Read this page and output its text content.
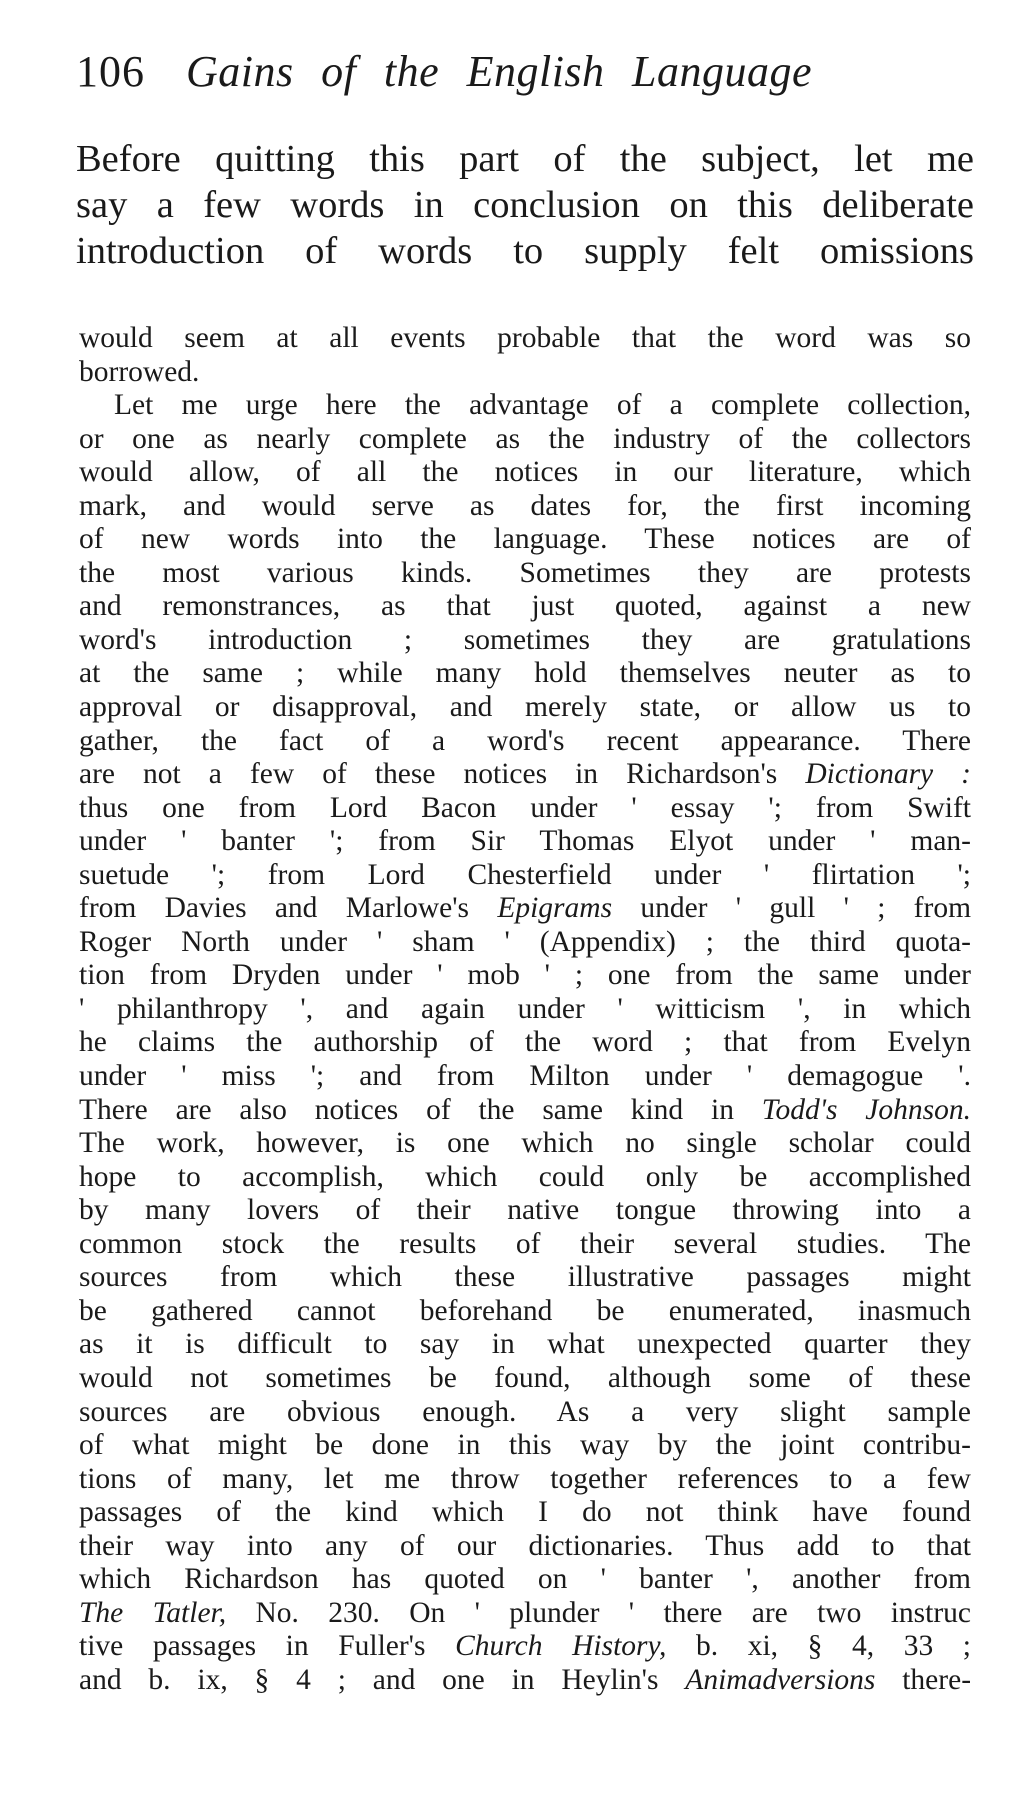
106 Gains of the English Language
Before quitting this part of the subject, let me
say a few words in conclusion on this deliberate
introduction of words to supply felt omissions
would seem at all events probable that the word was so
borrowed.
Let me urge here the advantage of a complete collection,
or one as nearly complete as the industry of the collectors
would allow, of all the notices in our literature, which
mark, and would serve as dates for, the first incoming
of new words into the language. These notices are of
the most various kinds. Sometimes they are protests
and remonstrances, as that just quoted, against a new
word's introduction ; sometimes they are gratulations
at the same ; while many hold themselves neuter as to
approval or disapproval, and merely state, or allow us to
gather, the fact of a word's recent appearance. There
are not a few of these notices in Richardson's Dictionary :
thus one from Lord Bacon under ' essay '; from Swift
under ' banter '; from Sir Thomas Elyot under ' man-
suetude '; from Lord Chesterfield under ' flirtation ';
from Davies and Marlowe's Epigrams under ' gull ' ; from
Roger North under ' sham ' (Appendix) ; the third quota-
tion from Dryden under ' mob ' ; one from the same under
' philanthropy ', and again under ' witticism ', in which
he claims the authorship of the word ; that from Evelyn
under ' miss '; and from Milton under ' demagogue '.
There are also notices of the same kind in Todd's Johnson.
The work, however, is one which no single scholar could
hope to accomplish, which could only be accomplished
by many lovers of their native tongue throwing into a
common stock the results of their several studies. The
sources from which these illustrative passages might
be gathered cannot beforehand be enumerated, inasmuch
as it is difficult to say in what unexpected quarter they
would not sometimes be found, although some of these
sources are obvious enough. As a very slight sample
of what might be done in this way by the joint contribu-
tions of many, let me throw together references to a few
passages of the kind which I do not think have found
their way into any of our dictionaries. Thus add to that
which Richardson has quoted on ' banter ', another from
The Tatler, No. 230. On ' plunder ' there are two instruc
tive passages in Fuller's Church History, b. xi, § 4, 33 ;
and b. ix, § 4 ; and one in Heylin's Animadversions there-
